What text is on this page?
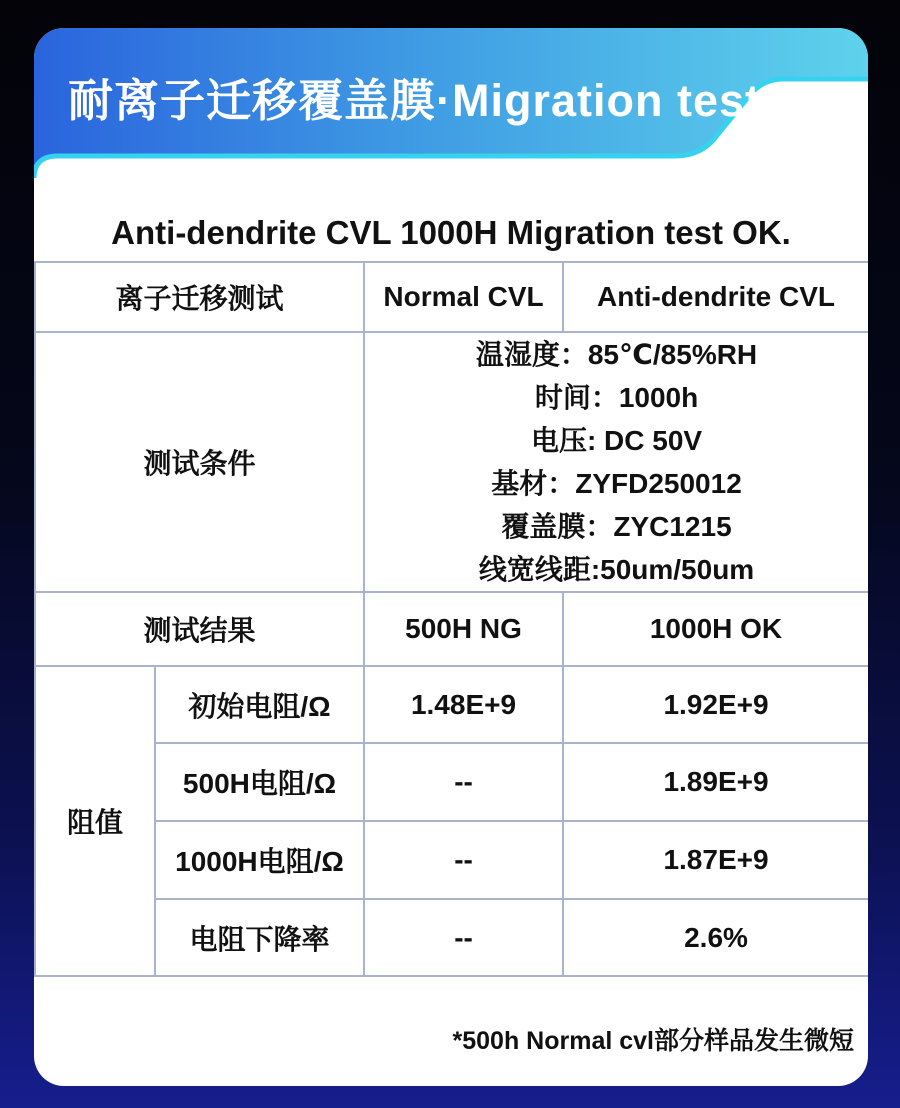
耐离子迁移覆盖膜·Migration test
Anti-dendrite CVL 1000H Migration test OK.
离子迁移测试		Normal CVL	Anti-dendrite CVL
测试条件	
温湿度：85℃/85%RH
时间：1000h
电压: DC 50V
基材：ZYFD250012
覆盖膜：ZYC1215
线宽线距:50um/50um

测试结果		500H NG	1000H OK
阻值	初始电阻/Ω	1.48E+9	1.92E+9
	500H电阻/Ω	--	1.89E+9
	1000H电阻/Ω	--	1.87E+9
	电阻下降率	--	2.6%
*500h Normal cvl部分样品发生微短
